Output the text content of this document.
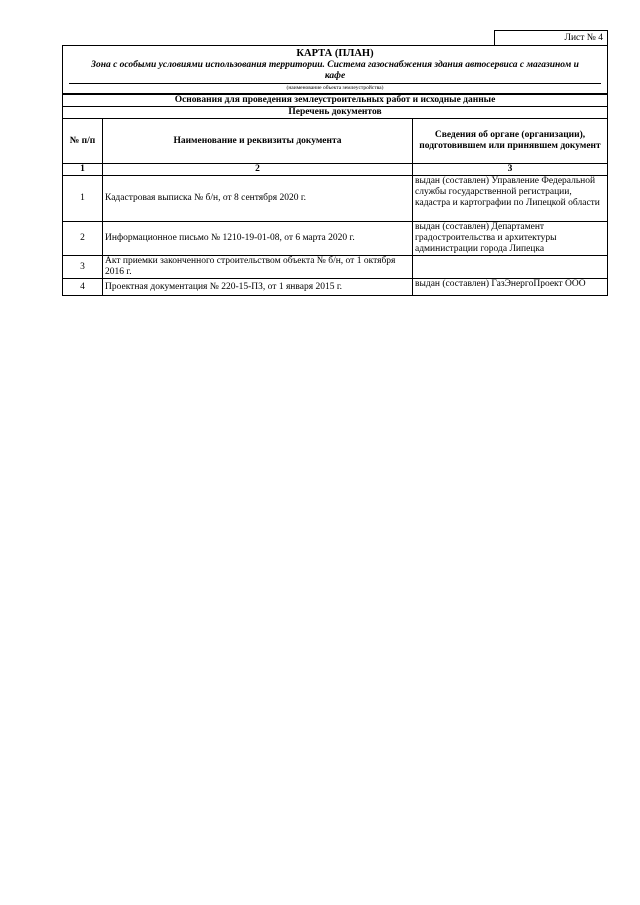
Лист № 4
КАРТА (ПЛАН)
Зона с особыми условиями использования территории. Система газоснабжения здания автосервиса с магазином и кафе
(наименование объекта землеустройства)
Основания для проведения землеустроительных работ и исходные данные
Перечень документов
№ п/п	Наименование и реквизиты документа	Сведения об органе (организации), подготовившем или принявшем документ
1	2	3
1	Кадастровая выписка № б/н, от 8 сентября 2020 г.	выдан (составлен) Управление Федеральной службы государственной регистрации, кадастра и картографии по Липецкой области
2	Информационное письмо № 1210-19-01-08, от 6 марта 2020 г.	выдан (составлен) Департамент градостроительства и архитектуры администрации города Липецка
3	Акт приемки законченного строительством объекта № б/н, от 1 октября 2016 г.	
4	Проектная документация № 220-15-ПЗ, от 1 января 2015 г.	выдан (составлен) ГазЭнергоПроект ООО
